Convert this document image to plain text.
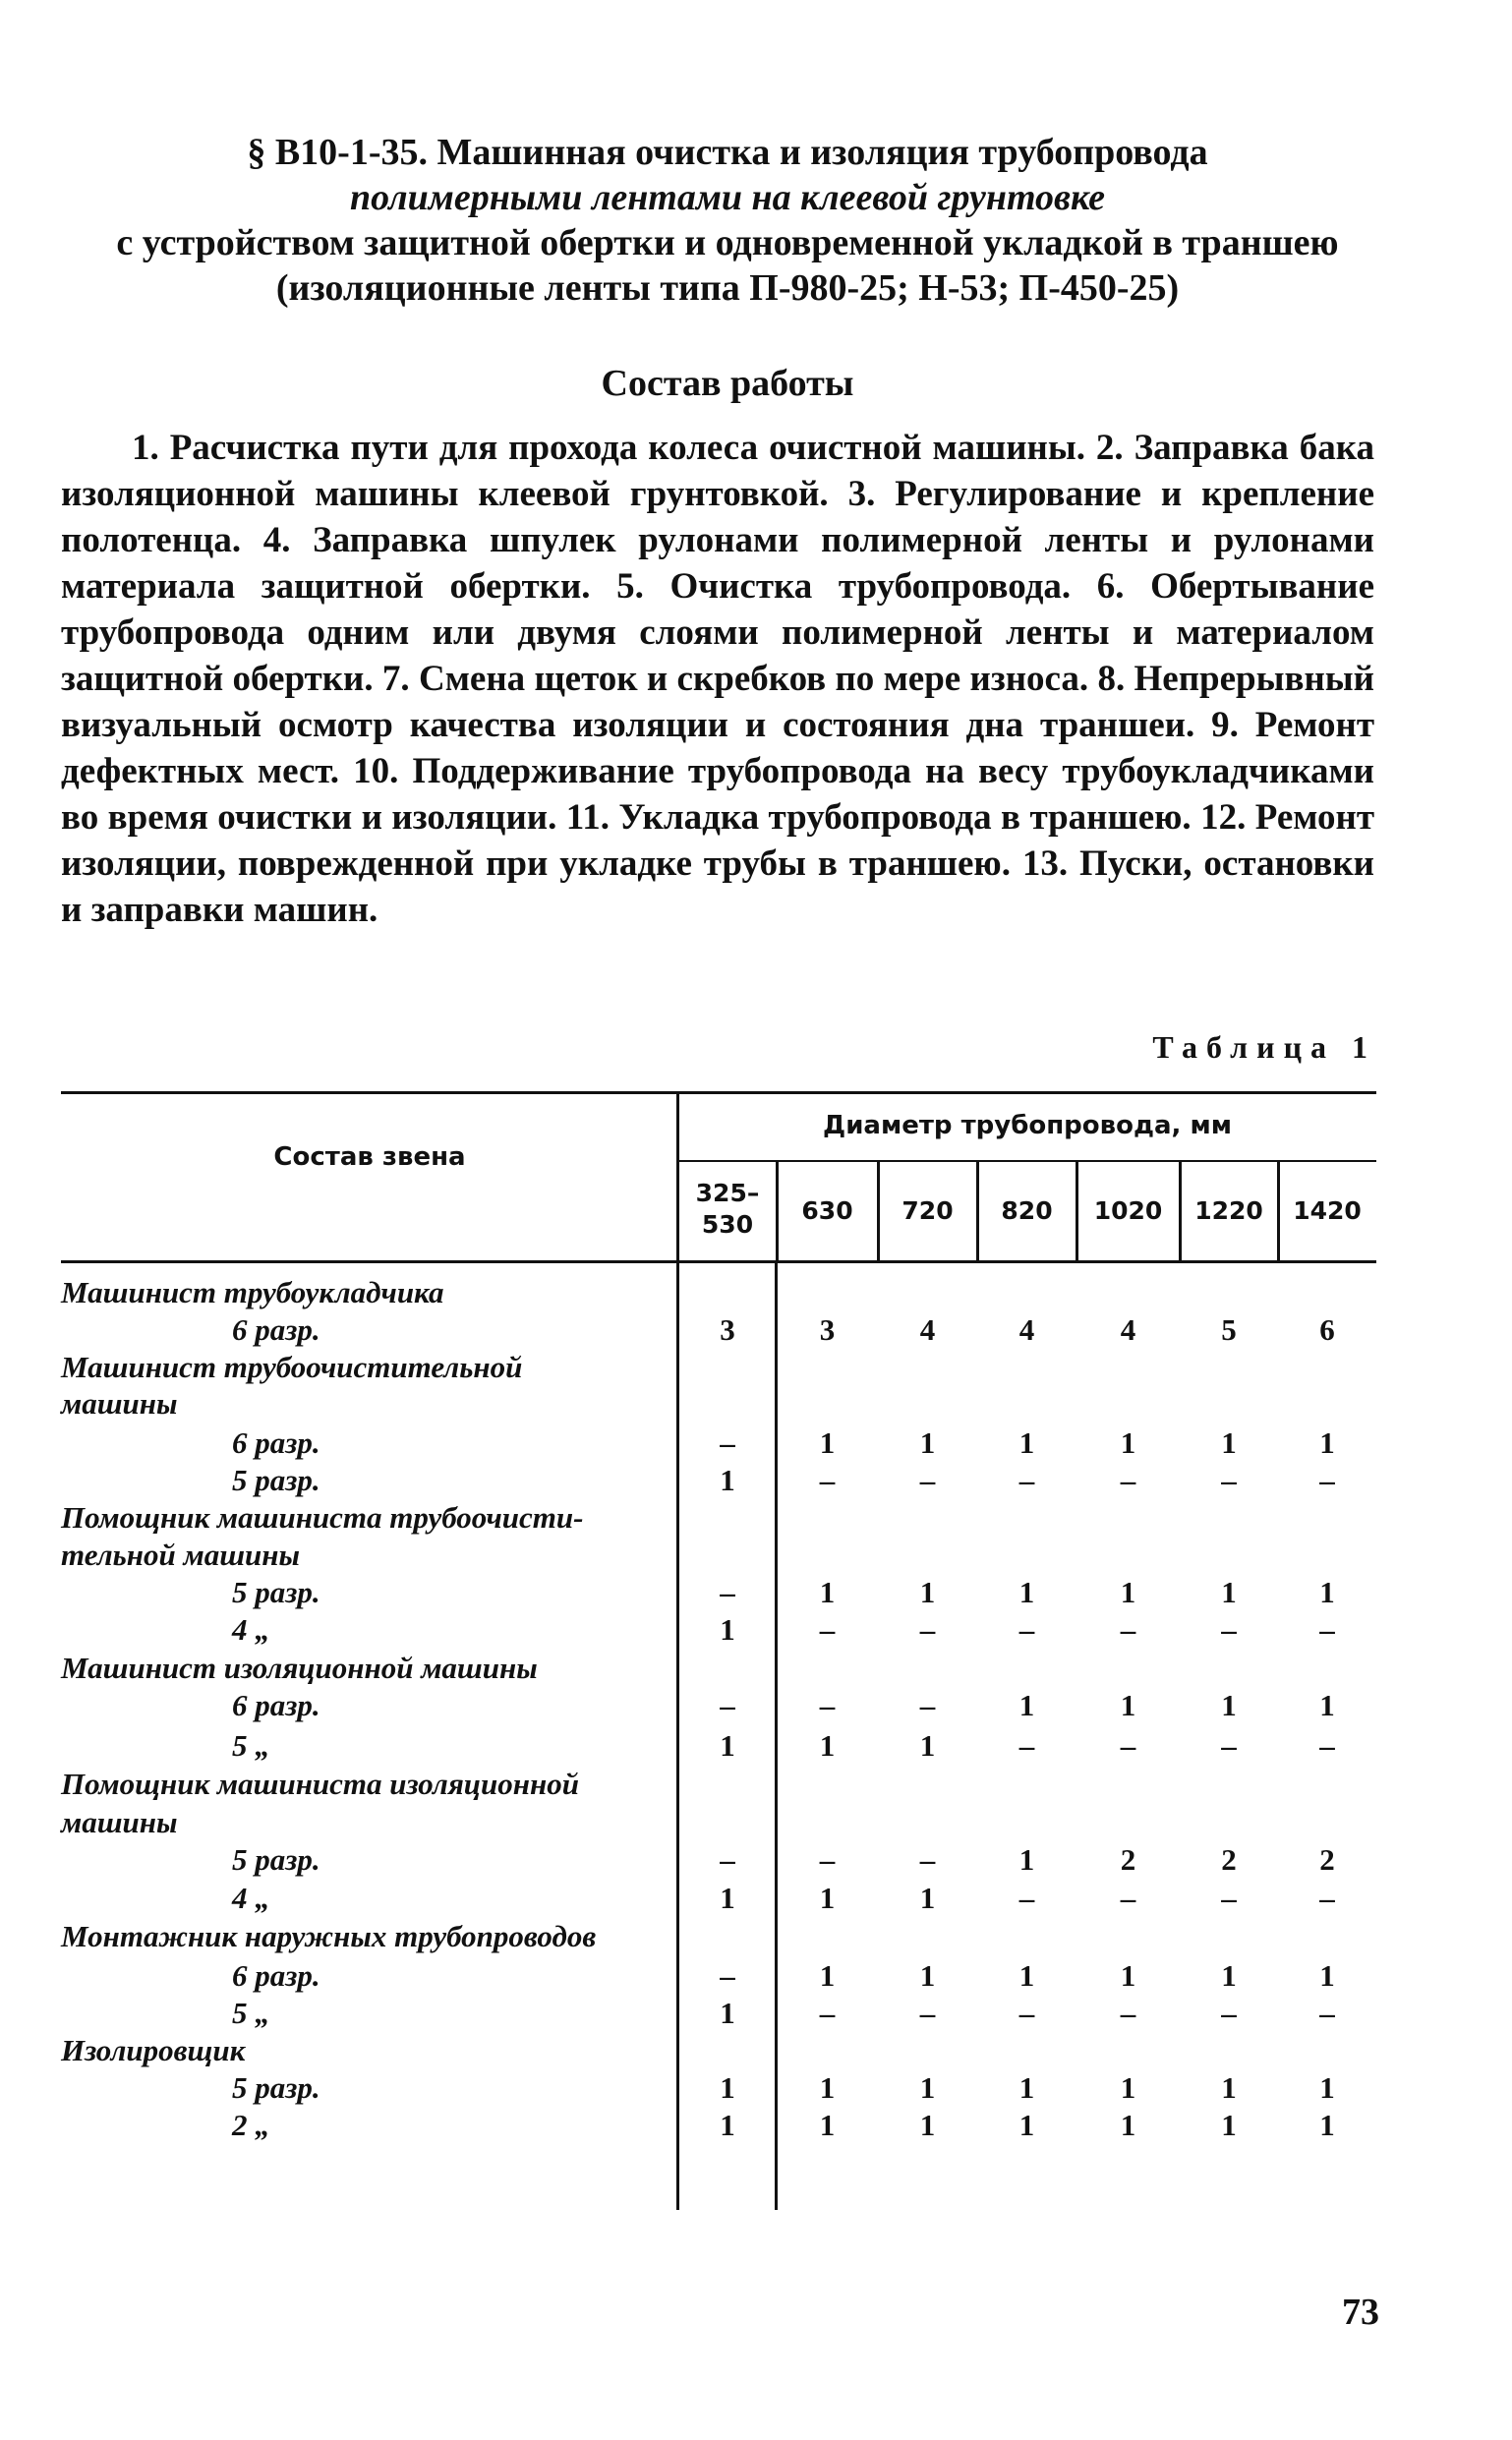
§ В10-1-35. Машинная очистка и изоляция трубопровода
полимерными лентами на клеевой грунтовке
с устройством защитной обертки и одновременной укладкой в траншею
(изоляционные ленты типа П-980-25; Н-53; П-450-25)
Состав работы
1. Расчистка пути для прохода колеса очистной машины. 2. Заправка бака изоляционной машины клеевой грунтовкой. 3. Регулирование и крепление полотенца. 4. Заправка шпулек рулонами полимерной ленты и рулонами материала защитной обертки. 5. Очистка трубопровода. 6. Обертывание трубопровода одним или двумя слоями полимерной ленты и материалом защитной обертки. 7. Смена щеток и скребков по мере износа. 8. Непрерывный визуальный осмотр качества изоляции и состояния дна траншеи. 9. Ремонт дефектных мест. 10. Поддерживание трубопровода на весу трубоукладчиками во время очистки и изоляции. 11. Укладка трубопровода в траншею. 12. Ремонт изоляции, поврежденной при укладке трубы в траншею. 13. Пуски, остановки и заправки машин.
Таблица 1
Состав звена
Диаметр трубопровода, мм
325–530	630	720	820	1020	1220	1420
Машинист трубоукладчика
6 разр.	3	3	4	4	4	5	6
Машинист трубоочистительной
машины
6 разр.	–	1	1	1	1	1	1
5 разр.	1	–	–	–	–	–	–
Помощник машиниста трубоочисти-
тельной машины
5 разр.	–	1	1	1	1	1	1
4 „	1	–	–	–	–	–	–
Машинист изоляционной машины
6 разр.	–	–	–	1	1	1	1
5 „	1	1	1	–	–	–	–
Помощник машиниста изоляционной
машины
5 разр.	–	–	–	1	2	2	2
4 „	1	1	1	–	–	–	–
Монтажник наружных трубопроводов
6 разр.	–	1	1	1	1	1	1
5 „	1	–	–	–	–	–	–
Изолировщик
5 разр.	1	1	1	1	1	1	1
2 „	1	1	1	1	1	1	1
73
